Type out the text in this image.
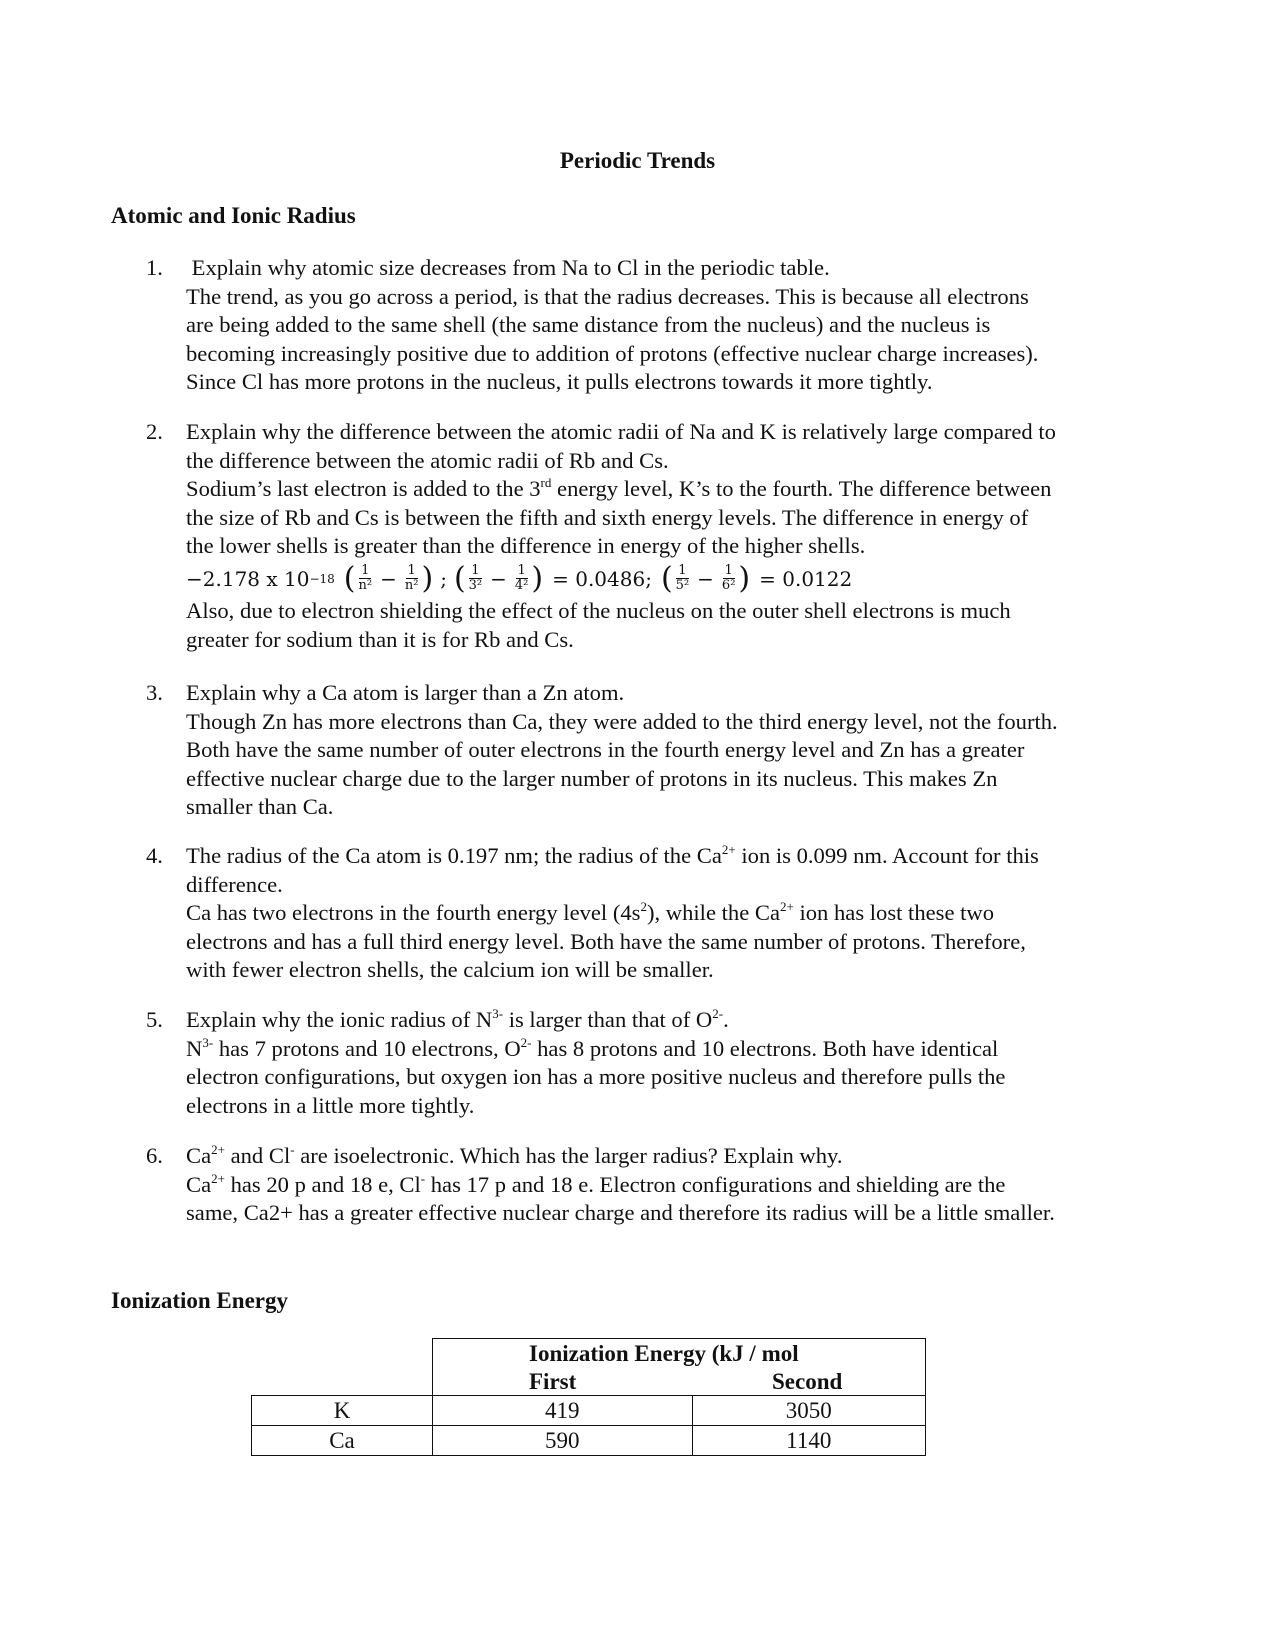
Periodic Trends
Atomic and Ionic Radius
1. Explain why atomic size decreases from Na to Cl in the periodic table.
The trend, as you go across a period, is that the radius decreases. This is because all electrons
are being added to the same shell (the same distance from the nucleus) and the nucleus is
becoming increasingly positive due to addition of protons (effective nuclear charge increases).
Since Cl has more protons in the nucleus, it pulls electrons towards it more tightly.
2. Explain why the difference between the atomic radii of Na and K is relatively large compared to
the difference between the atomic radii of Rb and Cs.
Sodium’s last electron is added to the 3rd energy level, K’s to the fourth. The difference between
the size of Rb and Cs is between the fifth and sixth energy levels. The difference in energy of
the lower shells is greater than the difference in energy of the higher shells.
−2.178 x 10 −18 ( $\frac{1}{\text{n²}} - \frac{1}{\text{n²}}$ ) ; ( $\frac{1}{\text{3²}} - \frac{1}{\text{4²}}$ ) = 0.0486; ( $\frac{1}{\text{5²}} - \frac{1}{\text{6²}}$ ) = 0.0122
Also, due to electron shielding the effect of the nucleus on the outer shell electrons is much
greater for sodium than it is for Rb and Cs.
3. Explain why a Ca atom is larger than a Zn atom.
Though Zn has more electrons than Ca, they were added to the third energy level, not the fourth.
Both have the same number of outer electrons in the fourth energy level and Zn has a greater
effective nuclear charge due to the larger number of protons in its nucleus. This makes Zn
smaller than Ca.
4. The radius of the Ca atom is 0.197 nm; the radius of the $Ca^{2+}$ ion is 0.099 nm. Account for this
difference.
Ca has two electrons in the fourth energy level $(4s^2)$, while the $Ca^{2+}$ ion has lost these two
electrons and has a full third energy level. Both have the same number of protons. Therefore,
with fewer electron shells, the calcium ion will be smaller.
5. Explain why the ionic radius of $N^{3-}$ is larger than that of $O^{2-}$.
$N^{3-}$ has 7 protons and 10 electrons, $O^{2-}$ has 8 protons and 10 electrons. Both have identical
electron configurations, but oxygen ion has a more positive nucleus and therefore pulls the
electrons in a little more tightly.
6. $Ca^{2+}$ and Cl- are isoelectronic. Which has the larger radius? Explain why.
$Ca^{2+}$ has 20 p and 18 e, Cl- has 17 p and 18 e. Electron configurations and shielding are the
same, Ca2+ has a greater effective nuclear charge and therefore its radius will be a little smaller.
Ionization Energy

	Ionization Energy (kJ / mol
First Second	

K	419	3050
Ca	590	1140
